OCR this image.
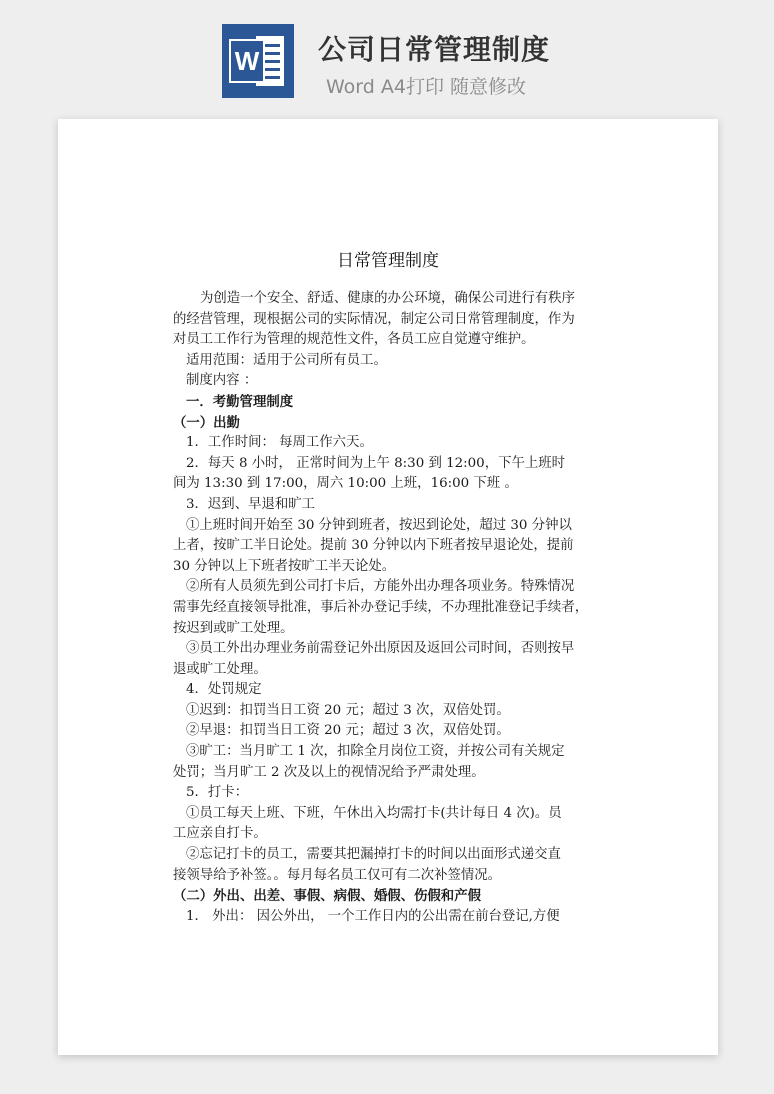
W 公司日常管理制度
Word A4打印 随意修改
日常管理制度

为创造一个安全、舒适、健康的办公环境，确保公司进行有秩序

的经营管理，现根据公司的实际情况，制定公司日常管理制度，作为

对员工工作行为管理的规范性文件，各员工应自觉遵守维护。

适用范围：适用于公司所有员工。

制度内容 ：

一．考勤管理制度

（一）出勤

1．工作时间： 每周工作六天。

2．每天 8 小时， 正常时间为上午 8:30 到 12:00，下午上班时

间为 13:30 到 17:00，周六 10:00 上班，16:00 下班 。

3．迟到、早退和旷工

①上班时间开始至 30 分钟到班者，按迟到论处，超过 30 分钟以

上者，按旷工半日论处。提前 30 分钟以内下班者按早退论处，提前

30 分钟以上下班者按旷工半天论处。

②所有人员须先到公司打卡后，方能外出办理各项业务。特殊情况

需事先经直接领导批准，事后补办登记手续，不办理批准登记手续者，

按迟到或旷工处理。

③员工外出办理业务前需登记外出原因及返回公司时间，否则按早

退或旷工处理。

4．处罚规定

①迟到：扣罚当日工资 20 元；超过 3 次，双倍处罚。

②早退：扣罚当日工资 20 元；超过 3 次，双倍处罚。

③旷工：当月旷工 1 次，扣除全月岗位工资，并按公司有关规定

处罚；当月旷工 2 次及以上的视情况给予严肃处理。

5．打卡：

①员工每天上班、下班，午休出入均需打卡(共计每日 4 次)。员

工应亲自打卡。

②忘记打卡的员工，需要其把漏掉打卡的时间以出面形式递交直

接领导给予补签。。每月每名员工仅可有二次补签情况。

（二）外出、出差、事假、病假、婚假、伤假和产假

1． 外出： 因公外出， 一个工作日内的公出需在前台登记,方便
